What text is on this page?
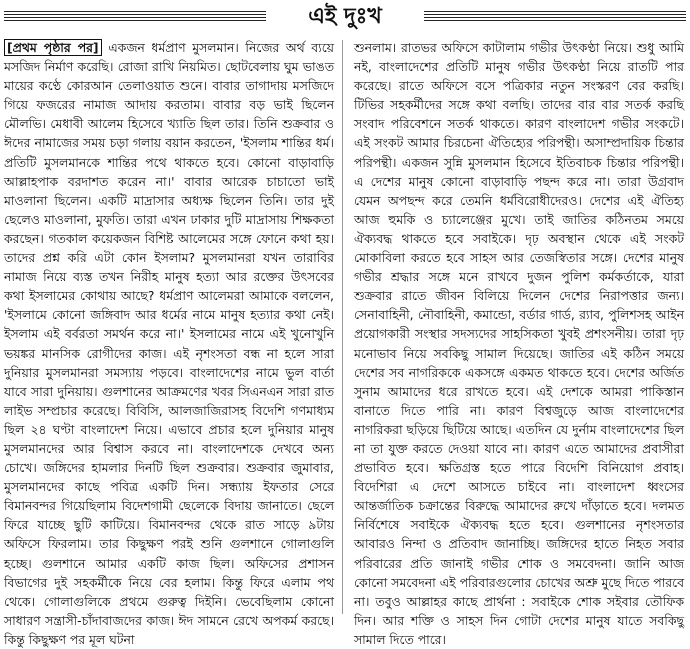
এই দুঃখ

[প্রথম পৃষ্ঠার পর] একজন ধর্মপ্রাণ মুসলমান। নিজের অর্থ ব্যয়ে মসজিদ নির্মাণ করেছি। রোজা রাখি নিয়মিত। ছোটবেলায় ঘুম ভাঙত মায়ের কণ্ঠে কোরআন তেলাওয়াত শুনে। বাবার তাগাদায় মসজিদে গিয়ে ফজরের নামাজ আদায় করতাম। বাবার বড় ভাই ছিলেন মৌলভি। মেধাবী আলেম হিসেবে খ্যাতি ছিল তার। তিনি শুক্রবার ও ঈদের নামাজের সময় চড়া গলায় বয়ান করতেন, 'ইসলাম শান্তির ধর্ম। প্রতিটি মুসলমানকে শান্তির পথে থাকতে হবে। কোনো বাড়াবাড়ি আল্লাহপাক বরদাশত করেন না।' বাবার আরেক চাচাতো ভাই মাওলানা ছিলেন। একটি মাদ্রাসার অধ্যক্ষ ছিলেন তিনি। তার দুই ছেলেও মাওলানা, মুফতি। তারা এখন ঢাকার দুটি মাদ্রাসায় শিক্ষকতা করছেন। গতকাল কয়েকজন বিশিষ্ট আলেমের সঙ্গে ফোনে কথা হয়। তাদের প্রশ্ন করি এটা কোন ইসলাম? মুসলমানরা যখন তারাবির নামাজ নিয়ে ব্যস্ত তখন নিরীহ মানুষ হত্যা আর রক্তের উৎসবের কথা ইসলামের কোথায় আছে? ধর্মপ্রাণ আলেমরা আমাকে বললেন, 'ইসলামে কোনো জঙ্গিবাদ আর ধর্মের নামে মানুষ হত্যার কথা নেই। ইসলাম এই বর্বরতা সমর্থন করে না।' ইসলামের নামে এই খুনোখুনি ভয়ঙ্কর মানসিক রোগীদের কাজ। এই নৃশংসতা বন্ধ না হলে সারা দুনিয়ার মুসলমানরা সমস্যায় পড়বে। বাংলাদেশের নামে ভুল বার্তা যাবে সারা দুনিয়ায়। গুলশানের আক্রমণের খবর সিএনএন সারা রাত লাইভ সম্প্রচার করেছে। বিবিসি, আলজাজিরাসহ বিদেশি গণমাধ্যম ছিল ২৪ ঘণ্টা বাংলাদেশ নিয়ে। এভাবে প্রচার হলে দুনিয়ার মানুষ মুসলমানদের আর বিশ্বাস করবে না। বাংলাদেশকে দেখবে অন্য চোখে। জঙ্গিদের হামলার দিনটি ছিল শুক্রবার। শুক্রবার জুমাবার, মুসলমানদের কাছে পবিত্র একটি দিন। সন্ধ্যায় ইফতার সেরে বিমানবন্দর গিয়েছিলাম বিদেশগামী ছেলেকে বিদায় জানাতে। ছেলে ফিরে যাচ্ছে ছুটি কাটিয়ে। বিমানবন্দর থেকে রাত সাড়ে ৯টায় অফিসে ফিরলাম। তার কিছুক্ষণ পরই শুনি গুলশানে গোলাগুলি হচ্ছে। গুলশানে আমার একটি কাজ ছিল। অফিসের প্রশাসন বিভাগের দুই সহকর্মীকে নিয়ে বের হলাম। কিন্তু ফিরে এলাম পথ থেকে। গোলাগুলিকে প্রথমে গুরুত্ব দিইনি। ভেবেছিলাম কোনো সাধারণ সন্ত্রাসী-চাঁদাবাজদের কাজ। ঈদ সামনে রেখে অপকর্ম করছে। কিন্তু কিছুক্ষণ পর মূল ঘটনা

শুনলাম। রাতভর অফিসে কাটালাম গভীর উৎকণ্ঠা নিয়ে। শুধু আমি নই, বাংলাদেশের প্রতিটি মানুষ গভীর উৎকণ্ঠা নিয়ে রাতটি পার করেছে। রাতে অফিসে বসে পত্রিকার নতুন সংস্করণ বের করছি। টিভির সহকর্মীদের সঙ্গে কথা বলছি। তাদের বার বার সতর্ক করছি সংবাদ পরিবেশনে সতর্ক থাকতে। কারণ বাংলাদেশ গভীর সংকটে। এই সংকট আমার চিরচেনা ঐতিহ্যের পরিপন্থী। অসাম্প্রদায়িক চিন্তার পরিপন্থী। একজন সুন্নি মুসলমান হিসেবে ইতিবাচক চিন্তার পরিপন্থী। এ দেশের মানুষ কোনো বাড়াবাড়ি পছন্দ করে না। তারা উগ্রবাদ যেমন অপছন্দ করে তেমনি ধর্মবিরোধীদেরও। দেশের এই ঐতিহ্য আজ হুমকি ও চ্যালেঞ্জের মুখে। তাই জাতির কঠিনতম সময়ে ঐক্যবদ্ধ থাকতে হবে সবাইকে। দৃঢ় অবস্থান থেকে এই সংকট মোকাবিলা করতে হবে সাহস আর তেজস্বিতার সঙ্গে। দেশের মানুষ গভীর শ্রদ্ধার সঙ্গে মনে রাখবে দুজন পুলিশ কর্মকর্তাকে, যারা শুক্রবার রাতে জীবন বিলিয়ে দিলেন দেশের নিরাপত্তার জন্য। সেনাবাহিনী, নৌবাহিনী, কমান্ডো, বর্ডার গার্ড, র‌্যাব, পুলিশসহ আইন প্রয়োগকারী সংস্থার সদস্যদের সাহসিকতা খুবই প্রশংসনীয়। তারা দৃঢ় মনোভাব নিয়ে সবকিছু সামাল দিয়েছে। জাতির এই কঠিন সময়ে দেশের সব নাগরিককে একসঙ্গে একমত থাকতে হবে। দেশের অর্জিত সুনাম আমাদের ধরে রাখতে হবে। এই দেশকে আমরা পাকিস্তান বানাতে দিতে পারি না। কারণ বিশ্বজুড়ে আজ বাংলাদেশের নাগরিকরা ছড়িয়ে ছিটিয়ে আছে। এতদিন যে দুর্নাম বাংলাদেশের ছিল না তা যুক্ত করতে দেওয়া যাবে না। কারণ এতে আমাদের প্রবাসীরা প্রভাবিত হবে। ক্ষতিগ্রস্ত হতে পারে বিদেশি বিনিয়োগ প্রবাহ। বিদেশিরা এ দেশে আসতে চাইবে না। বাংলাদেশ ধ্বংসের আন্তর্জাতিক চক্রান্তের বিরুদ্ধে আমাদের রুখে দাঁড়াতে হবে। দলমত নির্বিশেষে সবাইকে ঐক্যবদ্ধ হতে হবে। গুলশানের নৃশংসতার আবারও নিন্দা ও প্রতিবাদ জানাচ্ছি। জঙ্গিদের হাতে নিহত সবার পরিবারের প্রতি জানাই গভীর শোক ও সমবেদনা। জানি আজ কোনো সমবেদনা এই পরিবারগুলোর চোখের অশ্রু মুছে দিতে পারবে না। তবুও আল্লাহর কাছে প্রার্থনা : সবাইকে শোক সইবার তৌফিক দিন। আর শক্তি ও সাহস দিন গোটা দেশের মানুষ যাতে সবকিছু সামাল দিতে পারে।
